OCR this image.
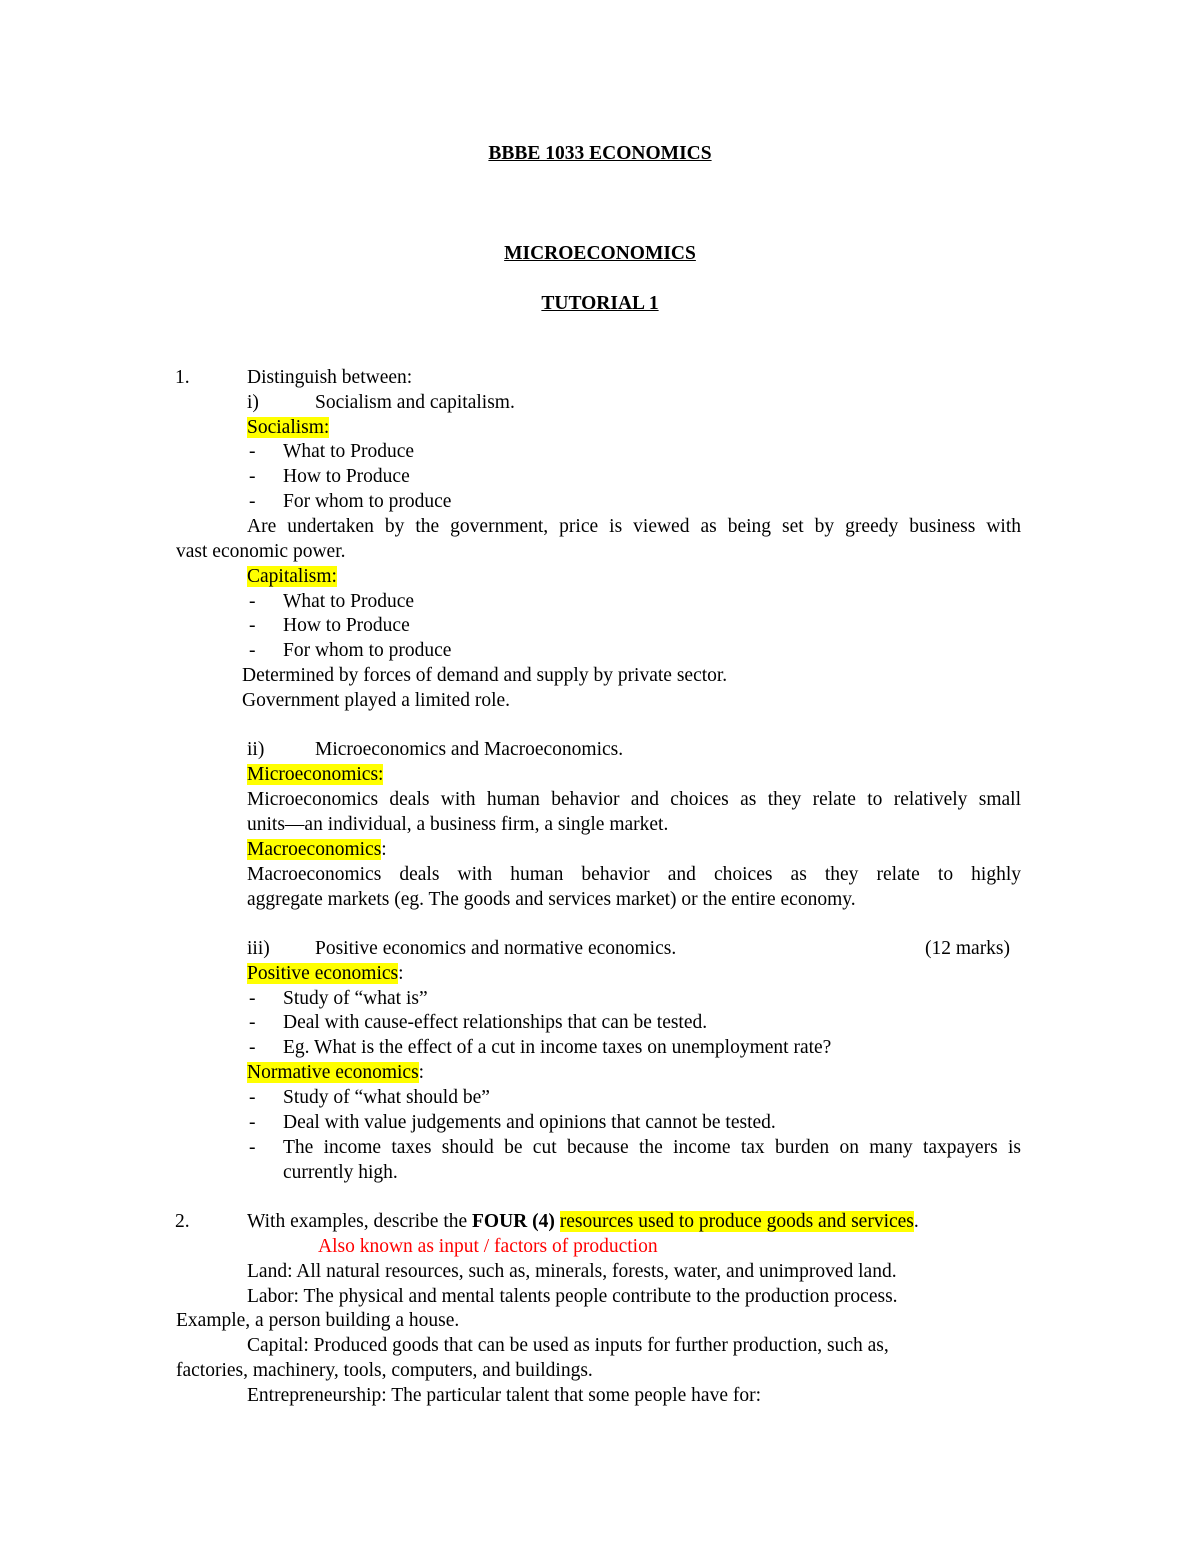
BBBE 1033 ECONOMICS
MICROECONOMICS
TUTORIAL 1
1.	Distinguish between:
i)	Socialism and capitalism.
Socialism:
- What to Produce
- How to Produce
- For whom to produce
Are undertaken by the government, price is viewed as being set by greedy business with
vast economic power.
Capitalism:
- What to Produce
- How to Produce
- For whom to produce
Determined by forces of demand and supply by private sector.
Government played a limited role.
ii)	Microeconomics and Macroeconomics.
Microeconomics:
Microeconomics deals with human behavior and choices as they relate to relatively small
units—an individual, a business firm, a single market.
Macroeconomics:
Macroeconomics deals with human behavior and choices as they relate to highly
aggregate markets (eg. The goods and services market) or the entire economy.
iii) Positive economics and normative economics.	(12 marks)
Positive economics:
- Study of “what is”
- Deal with cause-effect relationships that can be tested.
- Eg. What is the effect of a cut in income taxes on unemployment rate?
Normative economics:
- Study of “what should be”
- Deal with value judgements and opinions that cannot be tested.
- The income taxes should be cut because the income tax burden on many taxpayers is
currently high.
2.	With examples, describe the FOUR (4) resources used to produce goods and services.
Also known as input / factors of production
Land: All natural resources, such as, minerals, forests, water, and unimproved land.
Labor: The physical and mental talents people contribute to the production process.
Example, a person building a house.
Capital: Produced goods that can be used as inputs for further production, such as,
factories, machinery, tools, computers, and buildings.
Entrepreneurship: The particular talent that some people have for:
